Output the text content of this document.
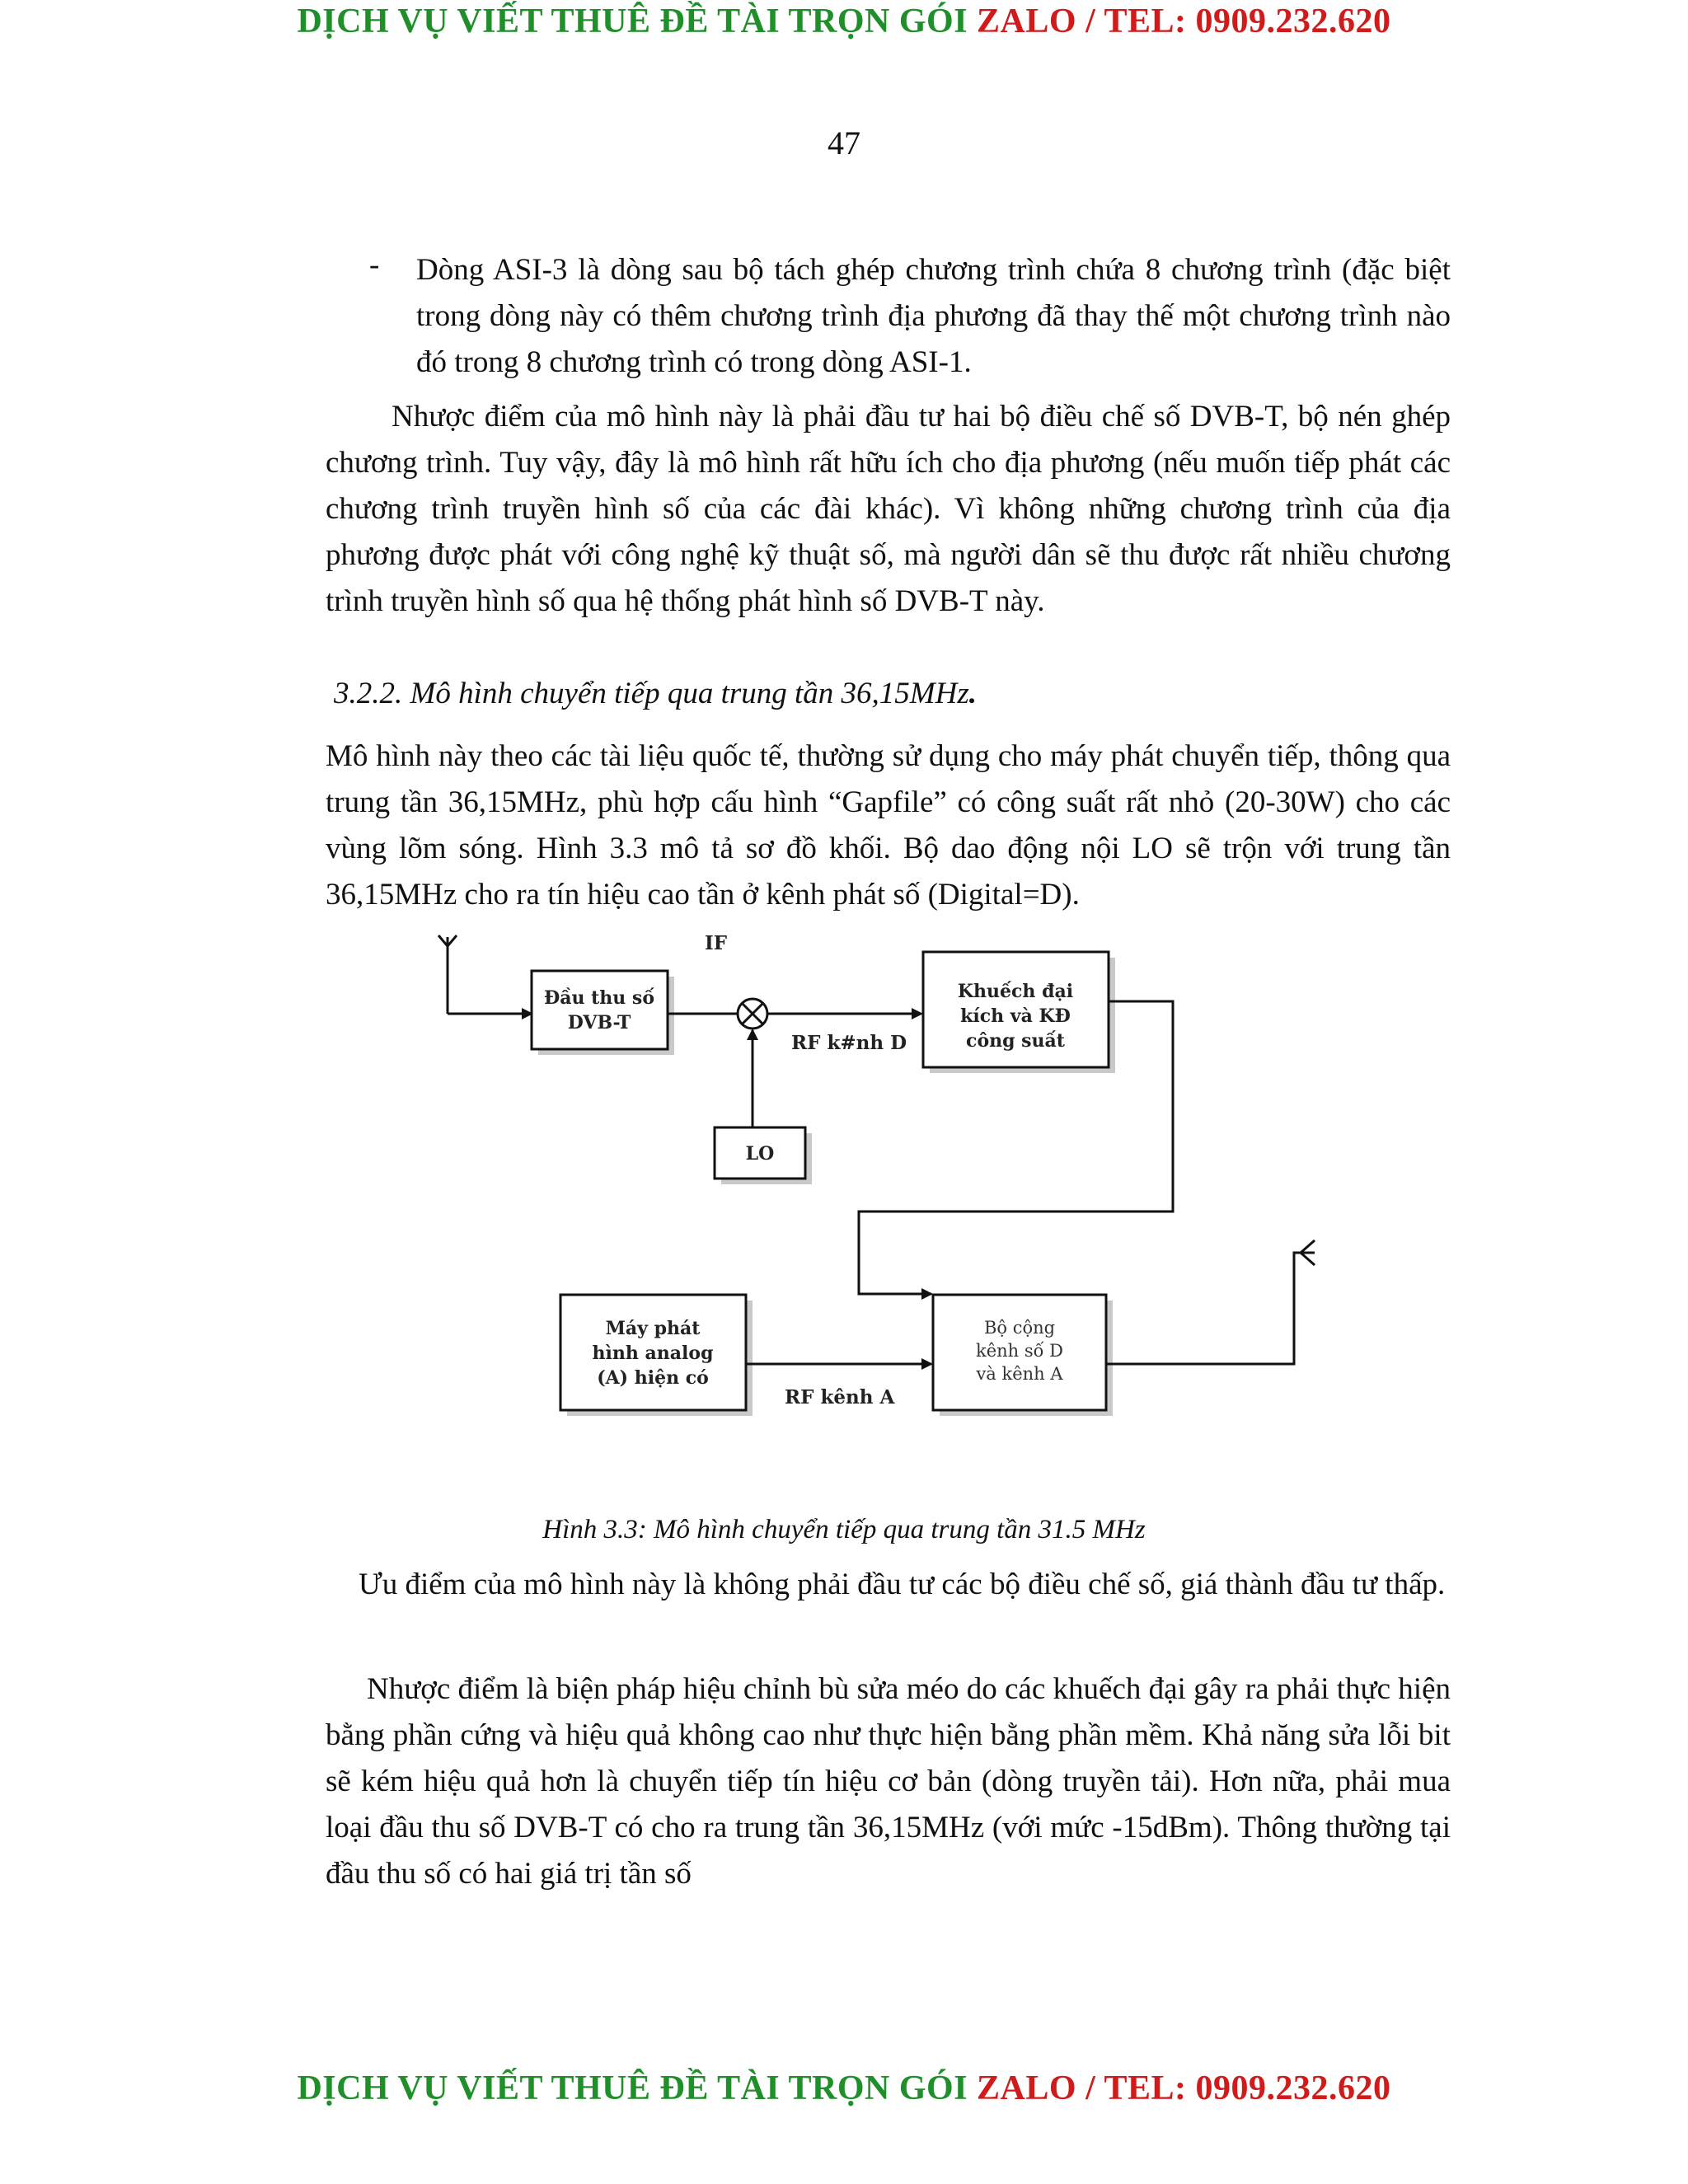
DỊCH VỤ VIẾT THUÊ ĐỀ TÀI TRỌN GÓI ZALO / TEL: 0909.232.620
47
- Dòng ASI-3 là dòng sau bộ tách ghép chương trình chứa 8 chương trình (đặc biệt trong dòng này có thêm chương trình địa phương đã thay thế một chương trình nào đó trong 8 chương trình có trong dòng ASI-1.
Nhược điểm của mô hình này là phải đầu tư hai bộ điều chế số DVB-T, bộ nén ghép chương trình. Tuy vậy, đây là mô hình rất hữu ích cho địa phương (nếu muốn tiếp phát các chương trình truyền hình số của các đài khác). Vì không những chương trình của địa phương được phát với công nghệ kỹ thuật số, mà người dân sẽ thu được rất nhiều chương trình truyền hình số qua hệ thống phát hình số DVB-T này.
3.2.2. Mô hình chuyển tiếp qua trung tần 36,15MHz.
Mô hình này theo các tài liệu quốc tế, thường sử dụng cho máy phát chuyển tiếp, thông qua trung tần 36,15MHz, phù hợp cấu hình “Gapfile” có công suất rất nhỏ (20-30W) cho các vùng lõm sóng. Hình 3.3 mô tả sơ đồ khối. Bộ dao động nội LO sẽ trộn với trung tần 36,15MHz cho ra tín hiệu cao tần ở kênh phát số (Digital=D).
Đầu thu số
DVB-T
IF
RF k#nh D
LO
Khuếch đại
kích và KĐ
công suất
Máy phát
hình analog
(A) hiện có
RF kênh A
Bộ cộng
kênh số D
và kênh A
Hình 3.3: Mô hình chuyển tiếp qua trung tần 31.5 MHz
Ưu điểm của mô hình này là không phải đầu tư các bộ điều chế số, giá thành đầu tư thấp.
Nhược điểm là biện pháp hiệu chỉnh bù sửa méo do các khuếch đại gây ra phải thực hiện bằng phần cứng và hiệu quả không cao như thực hiện bằng phần mềm. Khả năng sửa lỗi bit sẽ kém hiệu quả hơn là chuyển tiếp tín hiệu cơ bản (dòng truyền tải). Hơn nữa, phải mua loại đầu thu số DVB-T có cho ra trung tần 36,15MHz (với mức -15dBm). Thông thường tại đầu thu số có hai giá trị tần số
DỊCH VỤ VIẾT THUÊ ĐỀ TÀI TRỌN GÓI ZALO / TEL: 0909.232.620
